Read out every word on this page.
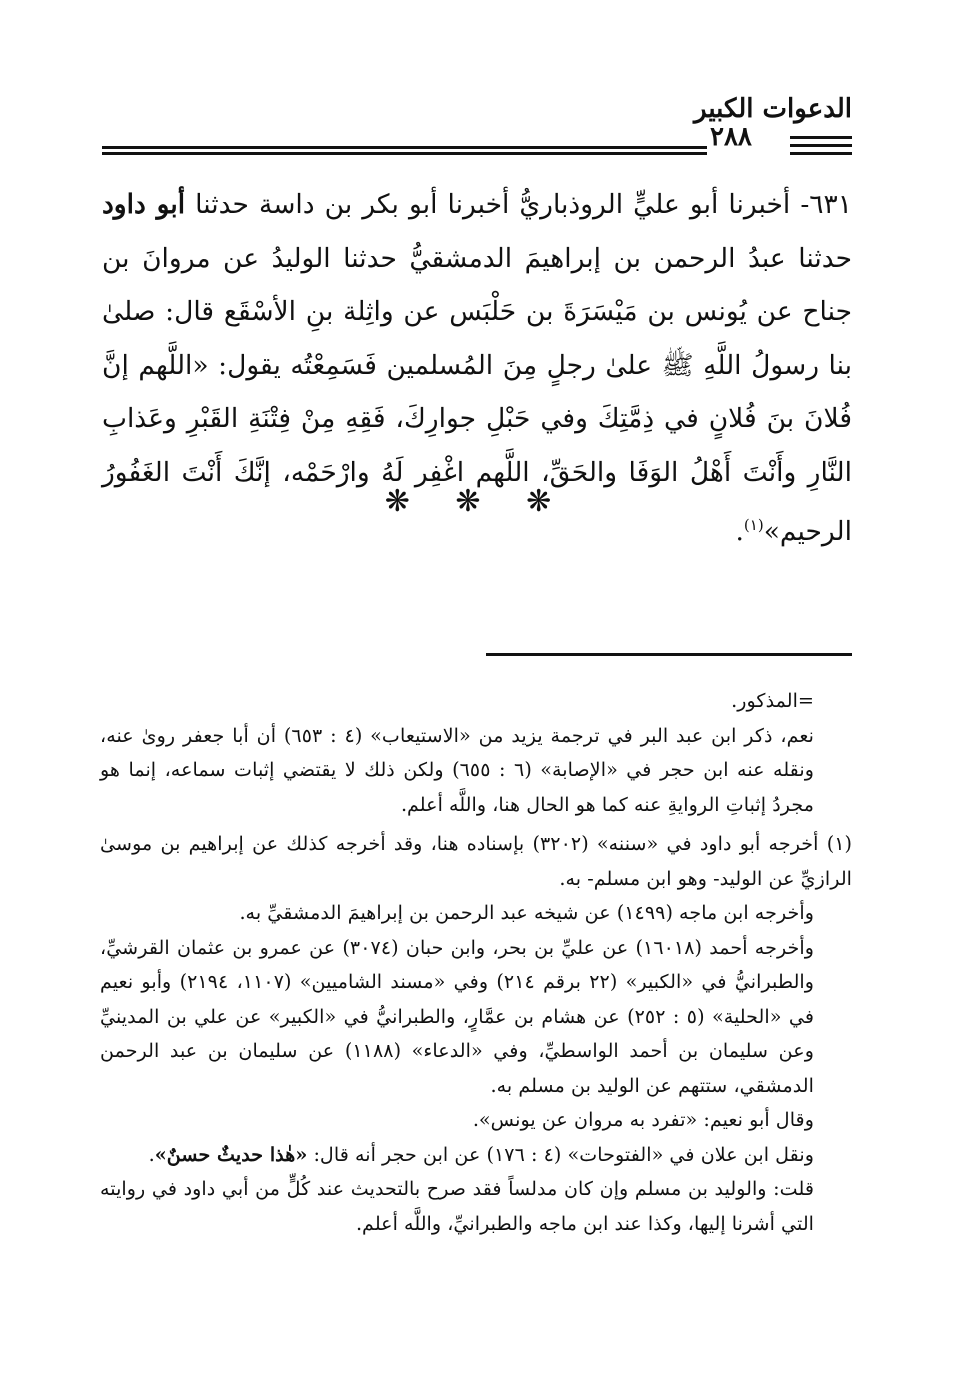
الدعوات الكبير
٢٨٨
٦٣١- أخبرنا أبو عليٍّ الروذباريُّ أخبرنا أبو بكر بن داسة حدثنا أبو داود حدثنا عبدُ الرحمن بن إبراهيمَ الدمشقيُّ حدثنا الوليدُ عن مروانَ بن جناح عن يُونس بن مَيْسَرَةَ بن حَلْبَس عن واثِلة بنِ الأسْقَع قال: صلىٰ بنا رسولُ اللَّهِ ﷺ علىٰ رجلٍ مِنَ المُسلمين فَسَمِعْتُه يقول: «اللَّهم إنَّ فُلانَ بنَ فُلانٍ في ذِمَّتِكَ وفي حَبْلِ جوارِكَ، فَقِهِ مِنْ فِتْنَةِ القَبْرِ وعَذابِ النَّارِ وأَنْتَ أَهْلُ الوَفَا والحَقِّ، اللَّهم اغْفِر لَهُ وارْحَمْه، إنَّكَ أَنْتَ الغَفُورُ الرحيم»$^{(١)}$.
❋ ❋ ❋

=المذكور.

نعم، ذكر ابن عبد البر في ترجمة يزيد من «الاستيعاب» (٤ : ٦٥٣) أن أبا جعفر روىٰ عنه، ونقله عنه ابن حجر في «الإصابة» (٦ : ٦٥٥) ولكن ذلك لا يقتضي إثبات سماعه، إنما هو مجردُ إثباتِ الروايةِ عنه كما هو الحال هنا، واللَّه أعلم.

(١) أخرجه أبو داود في «سننه» (٣٢٠٢) بإسناده هنا، وقد أخرجه كذلك عن إبراهيم بن موسىٰ الرازيِّ عن الوليد- وهو ابن مسلم- به.

وأخرجه ابن ماجه (١٤٩٩) عن شيخه عبد الرحمن بن إبراهيمَ الدمشقيِّ به.

وأخرجه أحمد (١٦٠١٨) عن عليِّ بن بحر، وابن حبان (٣٠٧٤) عن عمرو بن عثمان القرشيِّ، والطبرانيُّ في «الكبير» (٢٢ برقم ٢١٤) وفي «مسند الشاميين» (١١٠٧، ٢١٩٤) وأبو نعيم في «الحلية» (٥ : ٢٥٢) عن هشام بن عمَّارٍ، والطبرانيُّ في «الكبير» عن علي بن المدينيِّ وعن سليمان بن أحمد الواسطيِّ، وفي «الدعاء» (١١٨٨) عن سليمان بن عبد الرحمن الدمشقي، ستتهم عن الوليد بن مسلم به.

وقال أبو نعيم: «تفرد به مروان عن يونس».

ونقل ابن علان في «الفتوحات» (٤ : ١٧٦) عن ابن حجر أنه قال: «هٰذا حديثٌ حسنٌ».

قلت: والوليد بن مسلم وإن كان مدلساً فقد صرح بالتحديث عند كُلٍّ من أبي داود في روايته التي أشرنا إليها، وكذا عند ابن ماجه والطبرانيِّ، واللَّه أعلم.
